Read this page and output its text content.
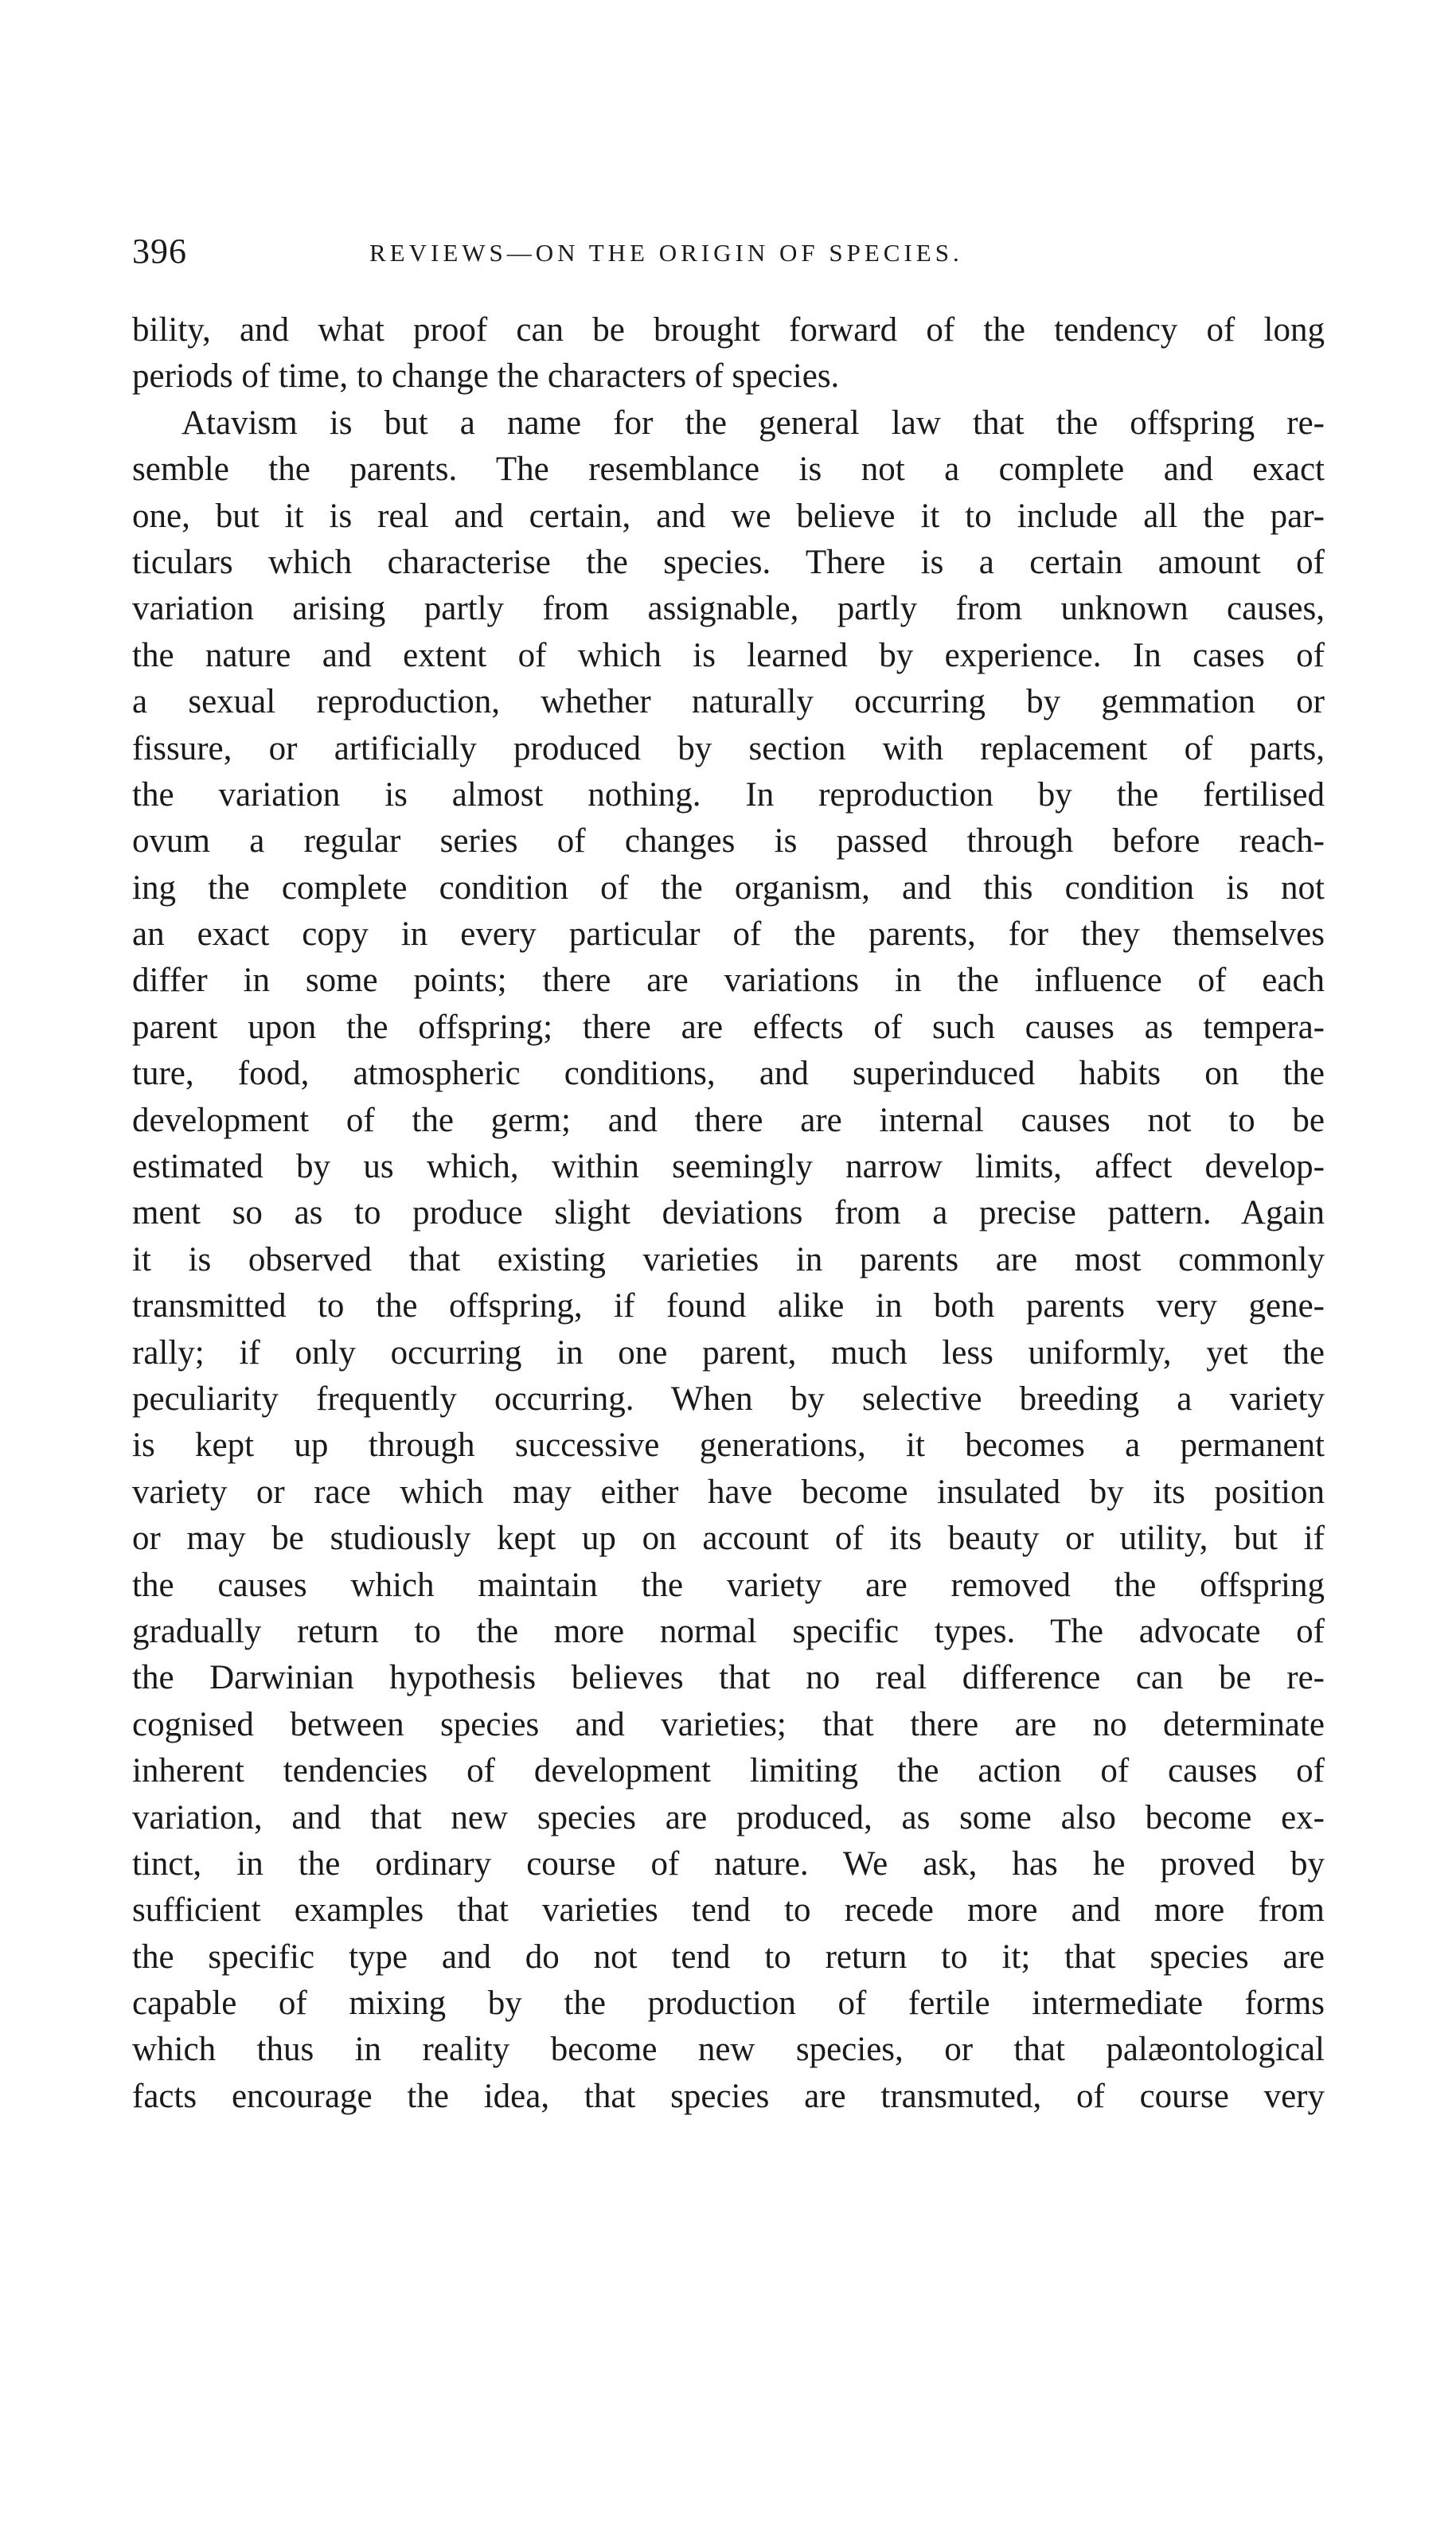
396	REVIEWS—ON THE ORIGIN OF SPECIES.
bility, and what proof can be brought forward of the tendency of long
periods of time, to change the characters of species.
Atavism is but a name for the general law that the offspring re-
semble the parents. The resemblance is not a complete and exact
one, but it is real and certain, and we believe it to include all the par-
ticulars which characterise the species. There is a certain amount of
variation arising partly from assignable, partly from unknown causes,
the nature and extent of which is learned by experience. In cases of
a sexual reproduction, whether naturally occurring by gemmation or
fissure, or artificially produced by section with replacement of parts,
the variation is almost nothing. In reproduction by the fertilised
ovum a regular series of changes is passed through before reach-
ing the complete condition of the organism, and this condition is not
an exact copy in every particular of the parents, for they themselves
differ in some points; there are variations in the influence of each
parent upon the offspring; there are effects of such causes as tempera-
ture, food, atmospheric conditions, and superinduced habits on the
development of the germ; and there are internal causes not to be
estimated by us which, within seemingly narrow limits, affect develop-
ment so as to produce slight deviations from a precise pattern. Again
it is observed that existing varieties in parents are most commonly
transmitted to the offspring, if found alike in both parents very gene-
rally; if only occurring in one parent, much less uniformly, yet the
peculiarity frequently occurring. When by selective breeding a variety
is kept up through successive generations, it becomes a permanent
variety or race which may either have become insulated by its position
or may be studiously kept up on account of its beauty or utility, but if
the causes which maintain the variety are removed the offspring
gradually return to the more normal specific types. The advocate of
the Darwinian hypothesis believes that no real difference can be re-
cognised between species and varieties; that there are no determinate
inherent tendencies of development limiting the action of causes of
variation, and that new species are produced, as some also become ex-
tinct, in the ordinary course of nature. We ask, has he proved by
sufficient examples that varieties tend to recede more and more from
the specific type and do not tend to return to it; that species are
capable of mixing by the production of fertile intermediate forms
which thus in reality become new species, or that palæontological
facts encourage the idea, that species are transmuted, of course very
